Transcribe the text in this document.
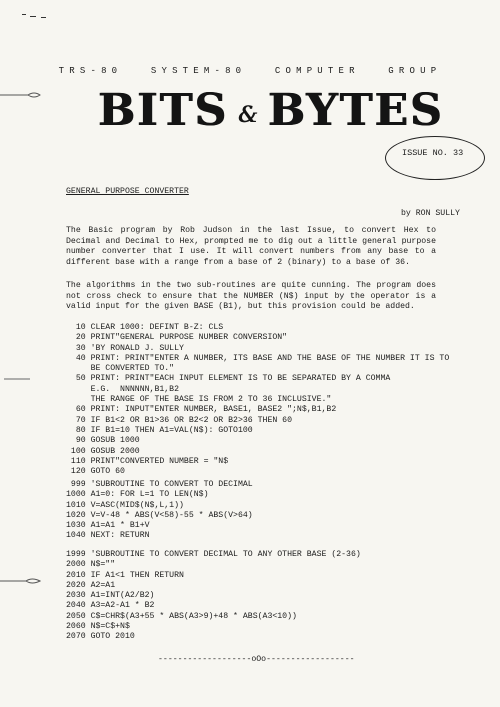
TRS-80 SYSTEM-80 COMPUTER GROUP
BITS & BYTES
ISSUE NO. 33
GENERAL PURPOSE CONVERTER
by RON SULLY
The Basic program by Rob Judson in the last Issue, to convert Hex to Decimal and Decimal to Hex, prompted me to dig out a little general purpose number converter that I use. It will convert numbers from any base to a different base with a range from a base of 2 (binary) to a base of 36.
The algorithms in the two sub-routines are quite cunning. The program does not cross check to ensure that the NUMBER (N$) input by the operator is a valid input for the given BASE (B1), but this provision could be added.
10 CLEAR 1000: DEFINT B-Z: CLS
20 PRINT"GENERAL PURPOSE NUMBER CONVERSION"
30 'BY RONALD J. SULLY
40 PRINT: PRINT"ENTER A NUMBER, ITS BASE AND THE BASE OF THE NUMBER IT IS TO
BE CONVERTED TO."
50 PRINT: PRINT"EACH INPUT ELEMENT IS TO BE SEPARATED BY A COMMA
E.G.  NNNNNN,B1,B2
THE RANGE OF THE BASE IS FROM 2 TO 36 INCLUSIVE."
60 PRINT: INPUT"ENTER NUMBER, BASE1, BASE2 ";N$,B1,B2
70 IF B1<2 OR B1>36 OR B2<2 OR B2>36 THEN 60
80 IF B1=10 THEN A1=VAL(N$): GOTO100
90 GOSUB 1000
100 GOSUB 2000
110 PRINT"CONVERTED NUMBER = "N$
120 GOTO 60
999 'SUBROUTINE TO CONVERT TO DECIMAL
1000 A1=0: FOR L=1 TO LEN(N$)
1010 V=ASC(MID$(N$,L,1))
1020 V=V-48 * ABS(V<58)-55 * ABS(V>64)
1030 A1=A1 * B1+V
1040 NEXT: RETURN
1999 'SUBROUTINE TO CONVERT DECIMAL TO ANY OTHER BASE (2-36)
2000 N$=""
2010 IF A1<1 THEN RETURN
2020 A2=A1
2030 A1=INT(A2/B2)
2040 A3=A2-A1 * B2
2050 C$=CHR$(A3+55 * ABS(A3>9)+48 * ABS(A3<10))
2060 N$=C$+N$
2070 GOTO 2010
-------------------oOo------------------
